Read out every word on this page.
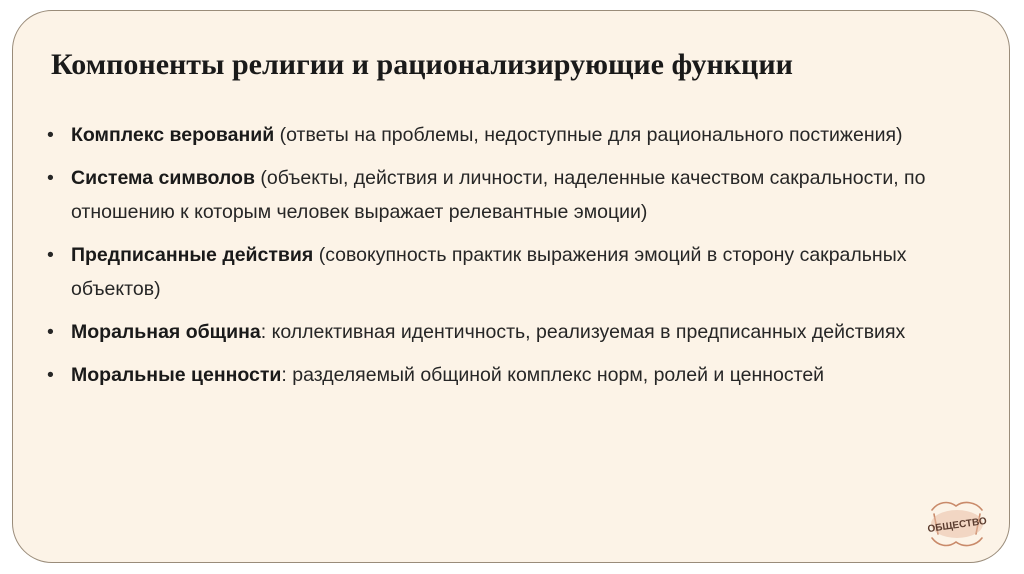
Компоненты религии и рационализирующие функции
• Комплекс верований (ответы на проблемы, недоступные для рационального постижения)
• Система символов (объекты, действия и личности, наделенные качеством сакральности, по отношению к которым человек выражает релевантные эмоции)
• Предписанные действия (совокупность практик выражения эмоций в сторону сакральных объектов)
• Моральная община: коллективная идентичность, реализуемая в предписанных действиях
• Моральные ценности: разделяемый общиной комплекс норм, ролей и ценностей
ОБЩЕСТВО
